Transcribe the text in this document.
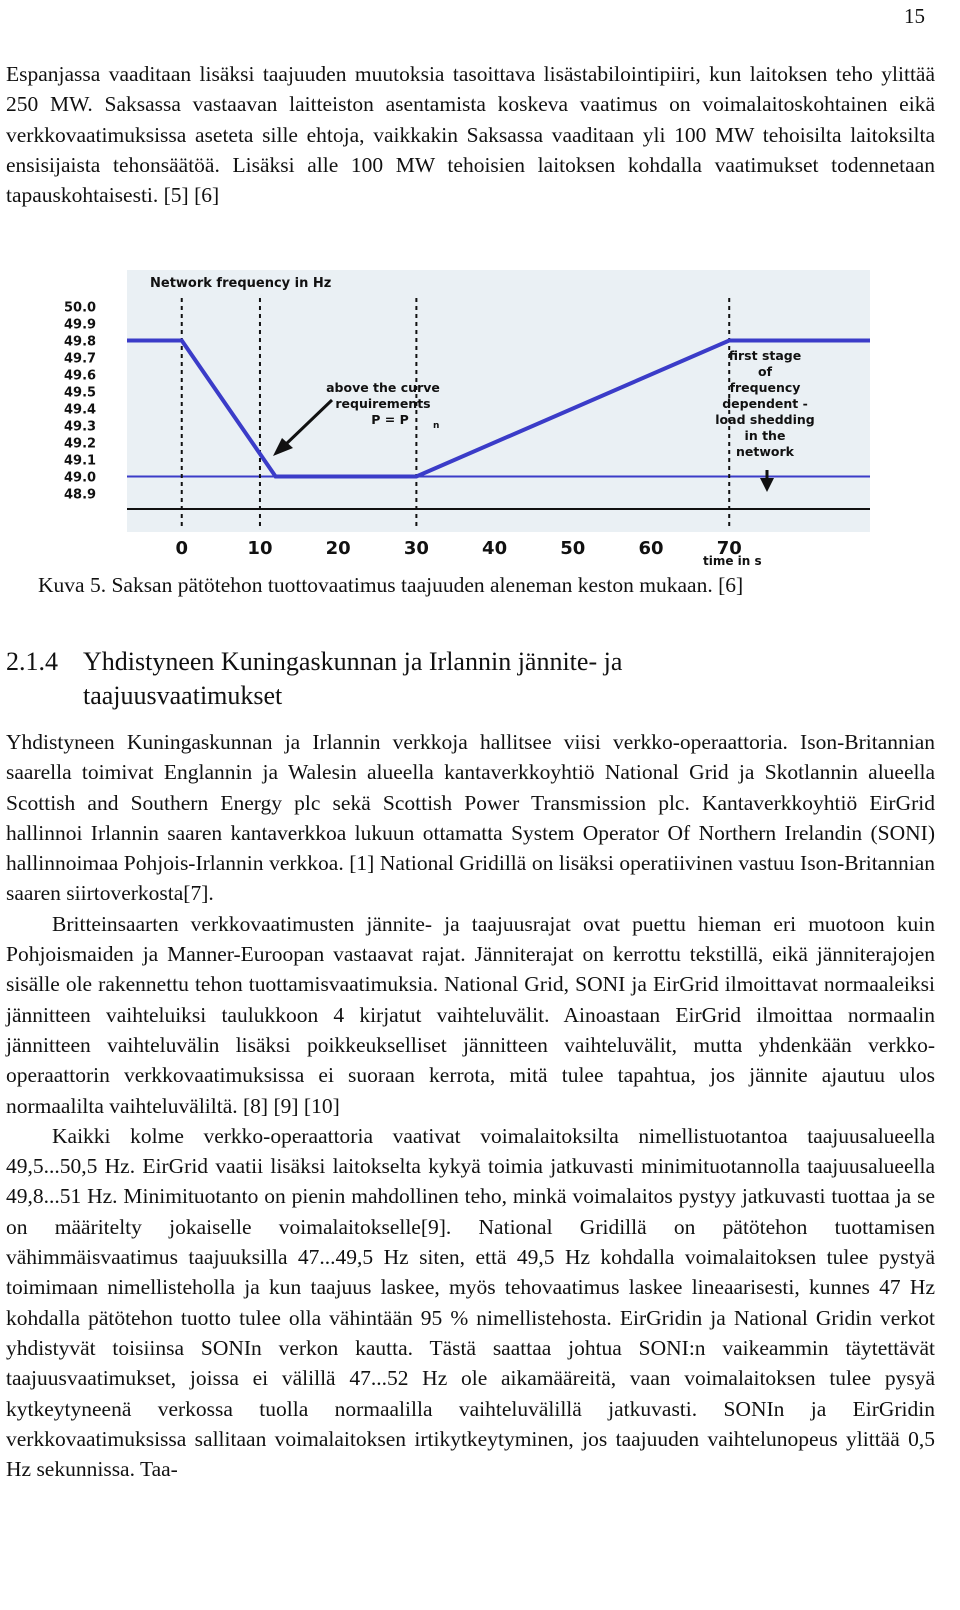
15

Espanjassa vaaditaan lisäksi taajuuden muutoksia tasoittava lisästabilointipiiri, kun laitoksen teho ylittää 250 MW. Saksassa vastaavan laitteiston asentamista koskeva vaatimus on voimalaitoskohtainen eikä verkkovaatimuksissa aseteta sille ehtoja, vaikkakin Saksassa vaaditaan yli 100 MW tehoisilta laitoksilta ensisijaista tehonsäätöä. Lisäksi alle 100 MW tehoisien laitoksen kohdalla vaatimukset todennetaan tapauskohtaisesti. [5] [6]

50.0
49.9
49.8
49.7
49.6
49.5
49.4
49.3
49.2
49.1
49.0
48.9
0	10	20	30	40	50	60	70
Network frequency in Hz
time in s
above the curve
requirements
P = P	n
first stage
of
frequency
dependent -
load shedding
in the
network
Kuva 5. Saksan pätötehon tuottovaatimus taajuuden aleneman keston mukaan. [6]
2.1.4 Yhdistyneen Kuningaskunnan ja Irlannin jännite- ja
taajuusvaatimukset

Yhdistyneen Kuningaskunnan ja Irlannin verkkoja hallitsee viisi verkko-operaattoria. Ison-Britannian saarella toimivat Englannin ja Walesin alueella kantaverkkoyhtiö National Grid ja Skotlannin alueella Scottish and Southern Energy plc sekä Scottish Power Transmission plc. Kantaverkkoyhtiö EirGrid hallinnoi Irlannin saaren kantaverkkoa lukuun ottamatta System Operator Of Northern Irelandin (SONI) hallinnoimaa Pohjois-Irlannin verkkoa. [1] National Gridillä on lisäksi operatiivinen vastuu Ison-Britannian saaren siirtoverkosta[7].

Britteinsaarten verkkovaatimusten jännite- ja taajuusrajat ovat puettu hieman eri muotoon kuin Pohjoismaiden ja Manner-Euroopan vastaavat rajat. Jänniterajat on kerrottu tekstillä, eikä jänniterajojen sisälle ole rakennettu tehon tuottamisvaatimuksia. National Grid, SONI ja EirGrid ilmoittavat normaaleiksi jännitteen vaihteluiksi taulukkoon 4 kirjatut vaihteluvälit. Ainoastaan EirGrid ilmoittaa normaalin jännitteen vaihteluvälin lisäksi poikkeukselliset jännitteen vaihteluvälit, mutta yhdenkään verkko-operaattorin verkkovaatimuksissa ei suoraan kerrota, mitä tulee tapahtua, jos jännite ajautuu ulos normaalilta vaihteluväliltä. [8] [9] [10]

Kaikki kolme verkko-operaattoria vaativat voimalaitoksilta nimellistuotantoa taajuusalueella 49,5...50,5 Hz. EirGrid vaatii lisäksi laitokselta kykyä toimia jatkuvasti minimituotannolla taajuusalueella 49,8...51 Hz. Minimituotanto on pienin mahdollinen teho, minkä voimalaitos pystyy jatkuvasti tuottaa ja se on määritelty jokaiselle voimalaitokselle[9]. National Gridillä on pätötehon tuottamisen vähimmäisvaatimus taajuuksilla 47...49,5 Hz siten, että 49,5 Hz kohdalla voimalaitoksen tulee pystyä toimimaan nimellisteholla ja kun taajuus laskee, myös tehovaatimus laskee lineaarisesti, kunnes 47 Hz kohdalla pätötehon tuotto tulee olla vähintään 95 % nimellistehosta. EirGridin ja National Gridin verkot yhdistyvät toisiinsa SONIn verkon kautta. Tästä saattaa johtua SONI:n vaikeammin täytettävät taajuusvaatimukset, joissa ei välillä 47...52 Hz ole aikamääreitä, vaan voimalaitoksen tulee pysyä kytkeytyneenä verkossa tuolla normaalilla vaihteluvälillä jatkuvasti. SONIn ja EirGridin verkkovaatimuksissa sallitaan voimalaitoksen irtikytkeytyminen, jos taajuuden vaihtelunopeus ylittää 0,5 Hz sekunnissa. Taa-
